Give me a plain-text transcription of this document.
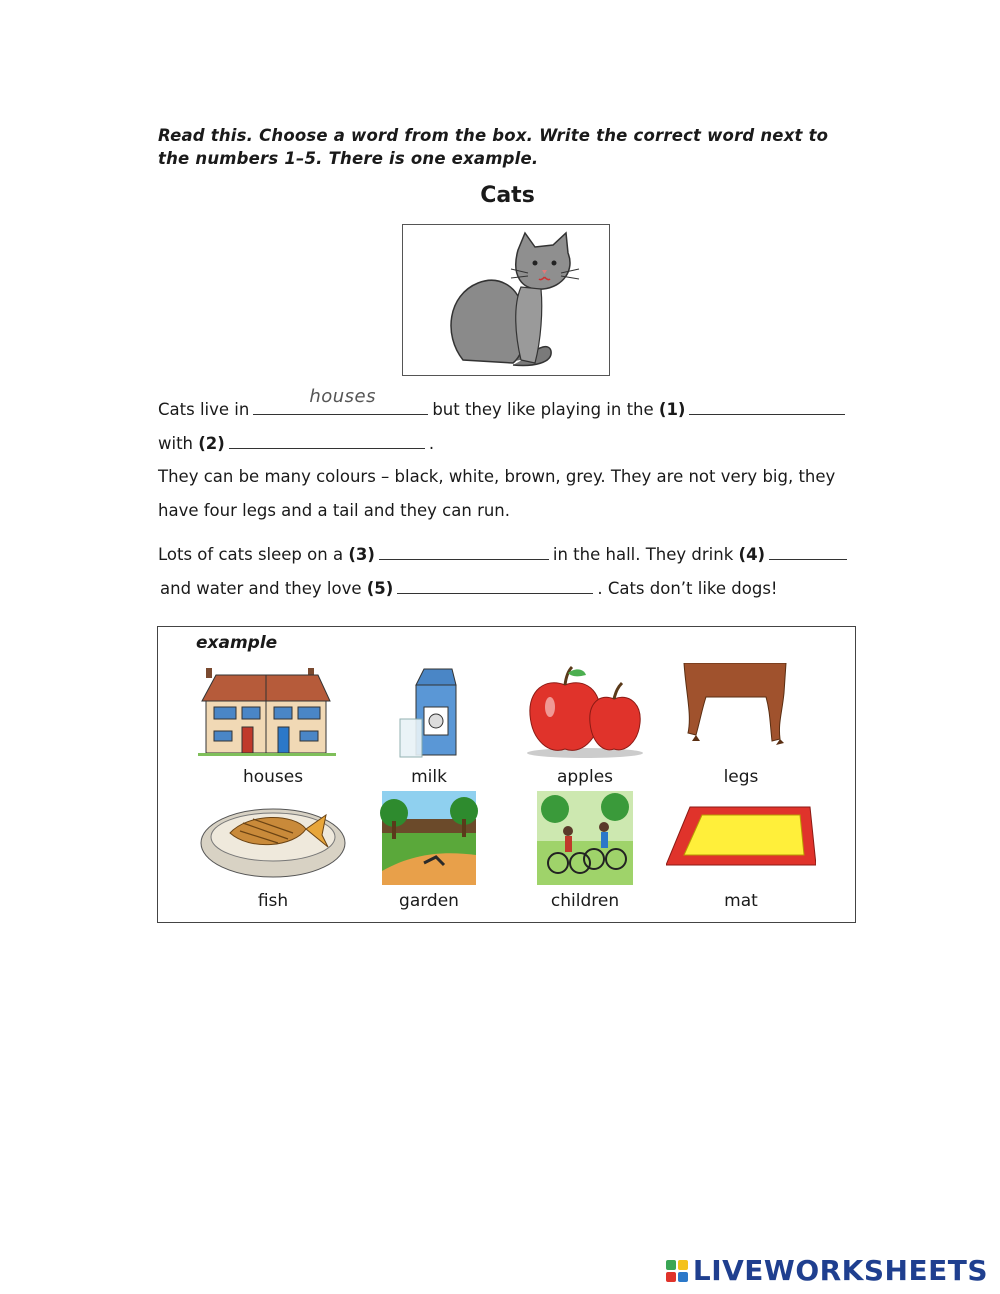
Read this. Choose a word from the box. Write the correct word next to the numbers 1–5. There is one example.
Cats
Cats live in
houses
but they like playing in the (1)
with (2)	.
They can be many colours – black, white, brown, grey. They are not very big, they
have four legs and a tail and they can run.
Lots of cats sleep on a (3)	in the hall. They drink (4)
and water and they love (5)	. Cats don’t like dogs!
example
houses	milk	apples	legs
fish	garden	children	mat
LIVEWORKSHEETS
